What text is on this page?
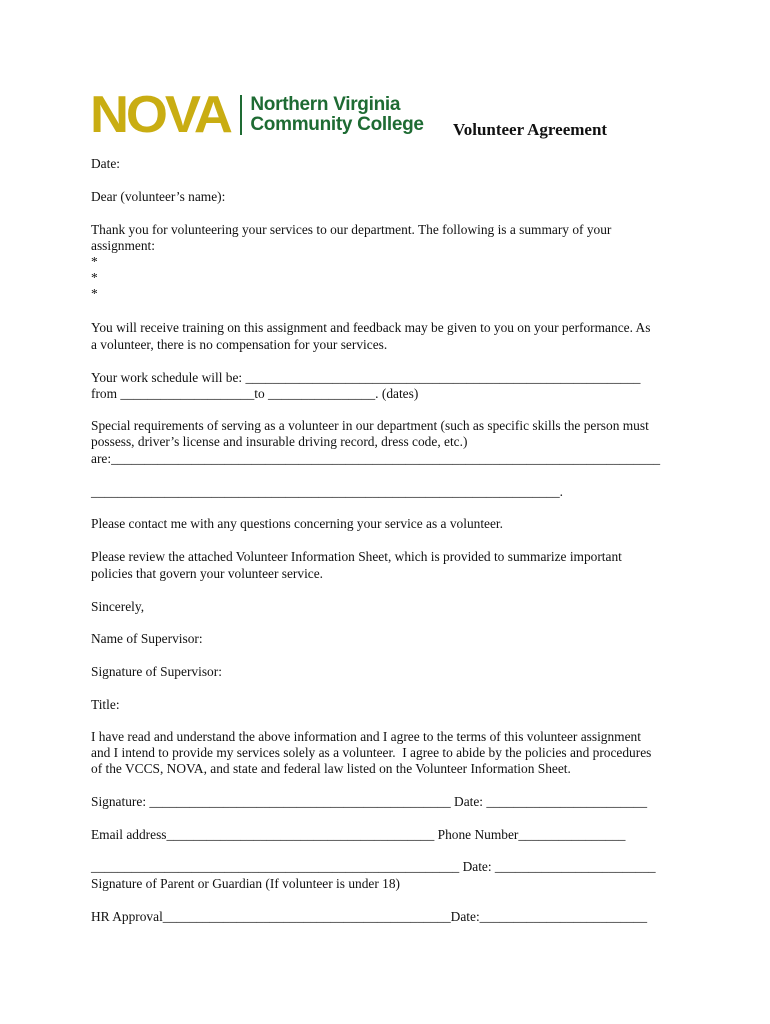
NOVA Northern Virginia
Community College Volunteer Agreement
Date:
Dear (volunteer’s name):
Thank you for volunteering your services to our department. The following is a summary of your
assignment:
*
*
*
You will receive training on this assignment and feedback may be given to you on your performance. As
a volunteer, there is no compensation for your services.
Your work schedule will be: ___________________________________________________________
from ____________________to ________________. (dates)
Special requirements of serving as a volunteer in our department (such as specific skills the person must
possess, driver’s license and insurable driving record, dress code, etc.)
are:__________________________________________________________________________________
______________________________________________________________________.
Please contact me with any questions concerning your service as a volunteer.
Please review the attached Volunteer Information Sheet, which is provided to summarize important
policies that govern your volunteer service.
Sincerely,
Name of Supervisor:
Signature of Supervisor:
Title:
I have read and understand the above information and I agree to the terms of this volunteer assignment
and I intend to provide my services solely as a volunteer.  I agree to abide by the policies and procedures
of the VCCS, NOVA, and state and federal law listed on the Volunteer Information Sheet.
Signature: _____________________________________________ Date: ________________________
Email address________________________________________ Phone Number________________
_______________________________________________________ Date: ________________________
Signature of Parent or Guardian (If volunteer is under 18)
HR Approval___________________________________________Date:_________________________
